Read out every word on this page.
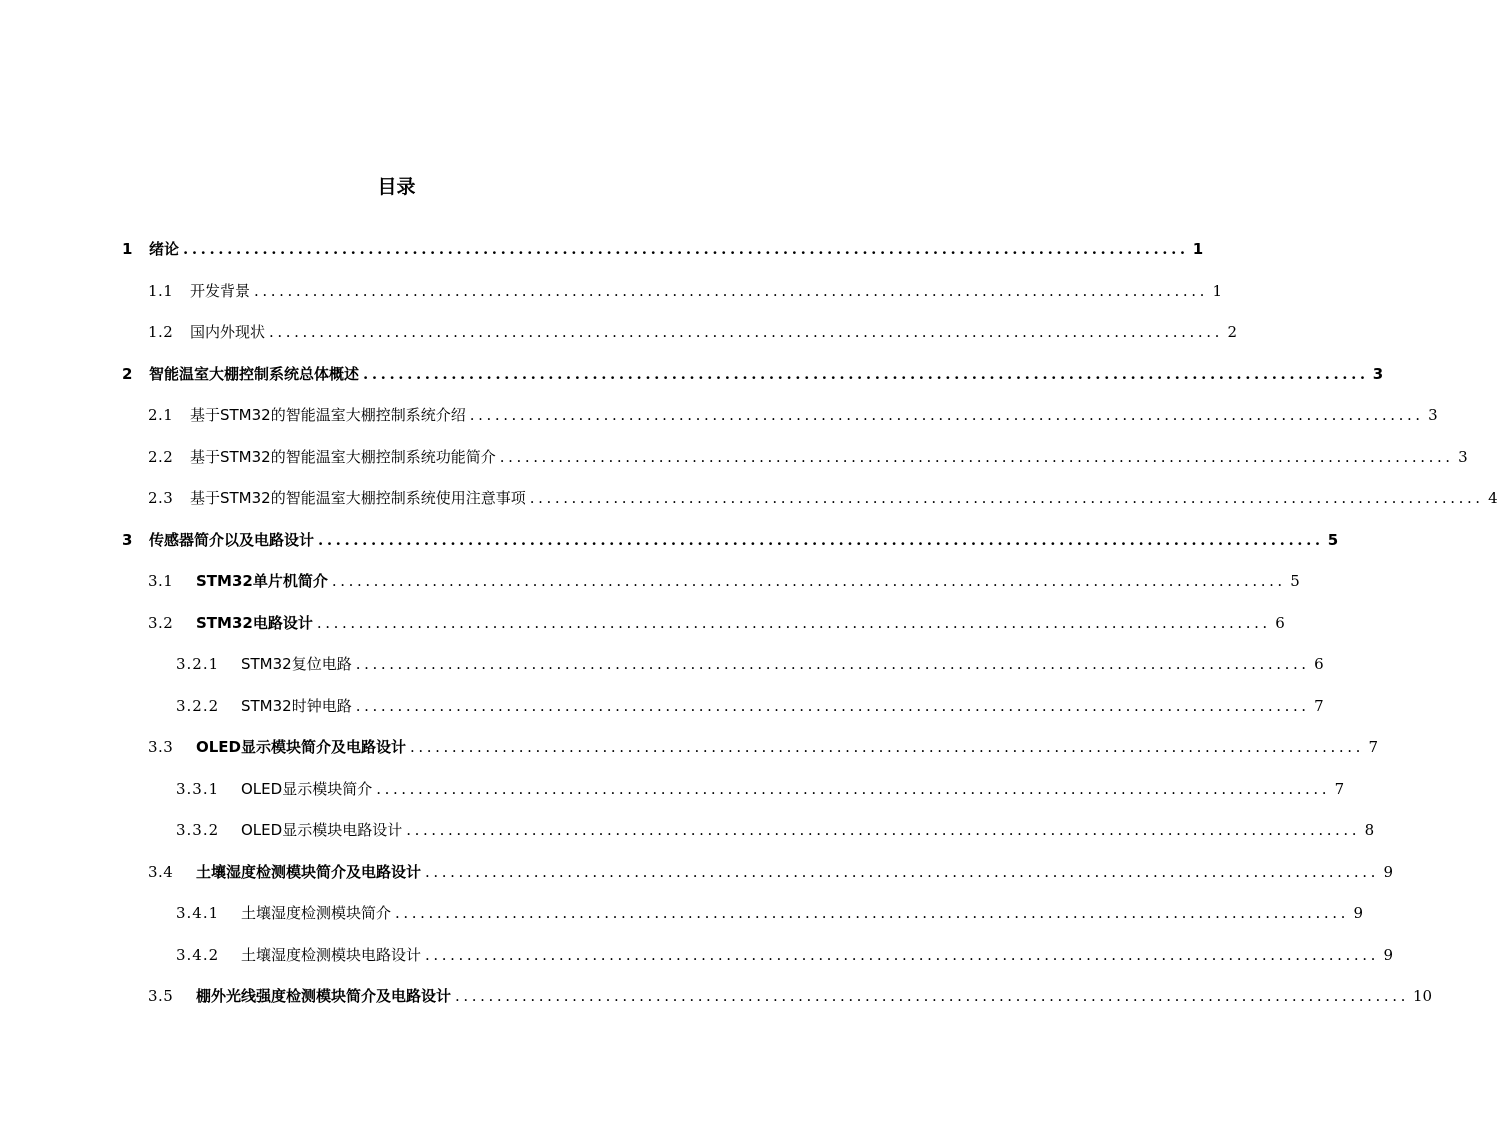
目录
1	绪论 .................................................................................................................. 1
1.1	开发背景 .................................................................................................................. 1
1.2	国内外现状 .................................................................................................................. 2
2	智能温室大棚控制系统总体概述 .................................................................................................................. 3
2.1	基于STM32的智能温室大棚控制系统介绍 .................................................................................................................. 3
2.2	基于STM32的智能温室大棚控制系统功能简介 .................................................................................................................. 3
2.3	基于STM32的智能温室大棚控制系统使用注意事项 .................................................................................................................. 4
3	传感器简介以及电路设计 .................................................................................................................. 5
3.1	STM32单片机简介 .................................................................................................................. 5
3.2	STM32电路设计 .................................................................................................................. 6
3.2.1	STM32复位电路 .................................................................................................................. 6
3.2.2	STM32时钟电路 .................................................................................................................. 7
3.3	OLED显示模块简介及电路设计 .................................................................................................................. 7
3.3.1	OLED显示模块简介 .................................................................................................................. 7
3.3.2	OLED显示模块电路设计 .................................................................................................................. 8
3.4	土壤湿度检测模块简介及电路设计 .................................................................................................................. 9
3.4.1	土壤湿度检测模块简介 .................................................................................................................. 9
3.4.2	土壤湿度检测模块电路设计 .................................................................................................................. 9
3.5	棚外光线强度检测模块简介及电路设计 .................................................................................................................. 10
